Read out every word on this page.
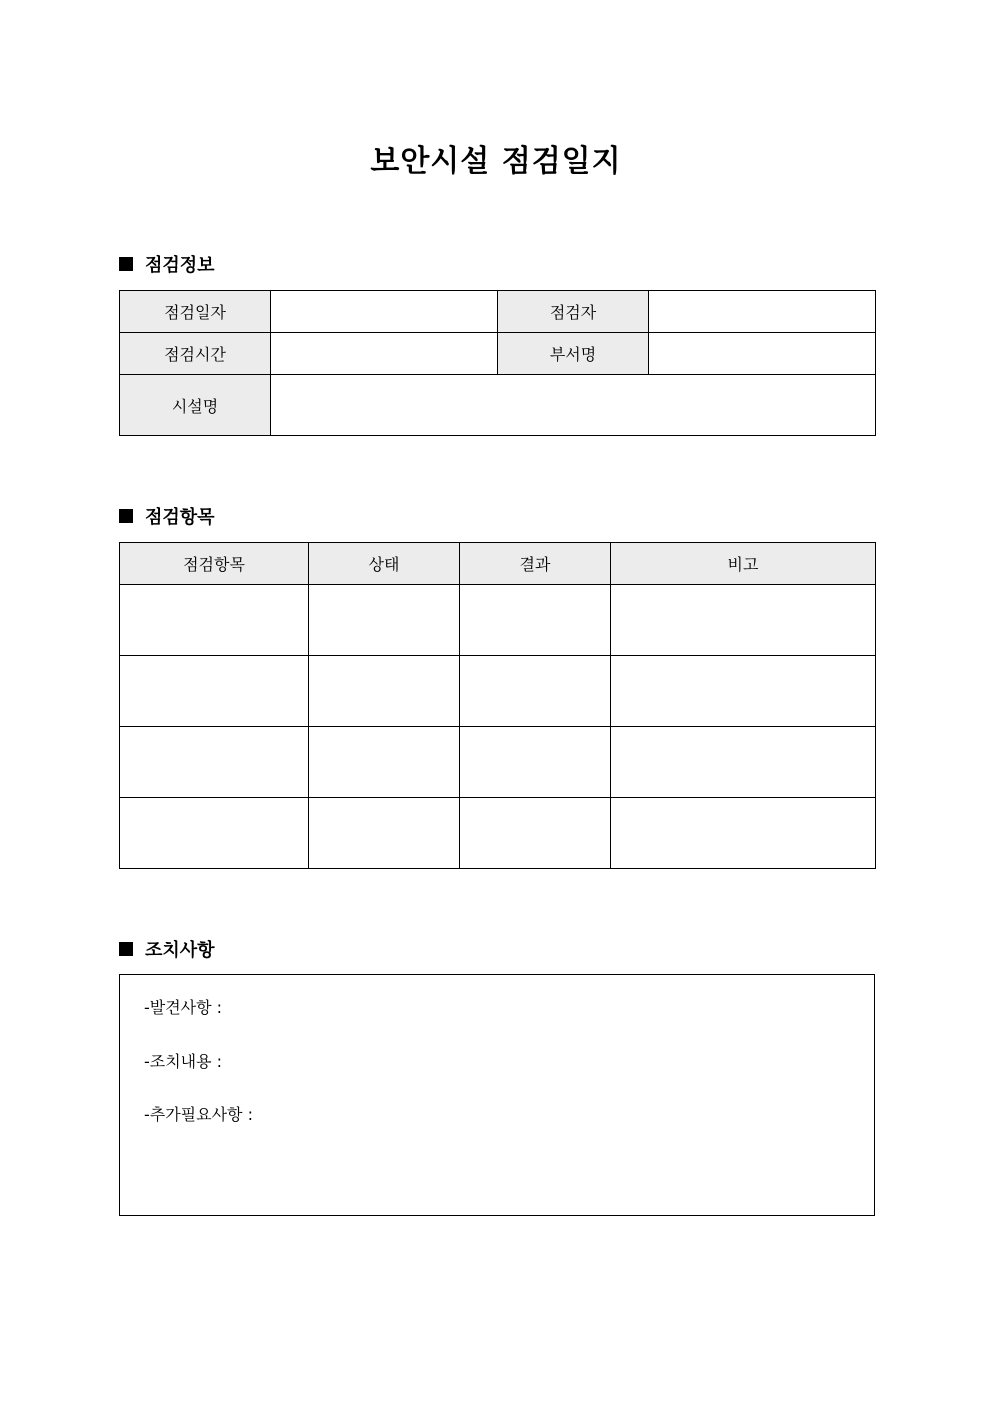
보안시설 점검일지
점검정보
점검일자		점검자	
점검시간		부서명	
시설명			
점검항목
점검항목	상태	결과	비고

조치사항
-발견사항 :
-조치내용 :
-추가필요사항 :
